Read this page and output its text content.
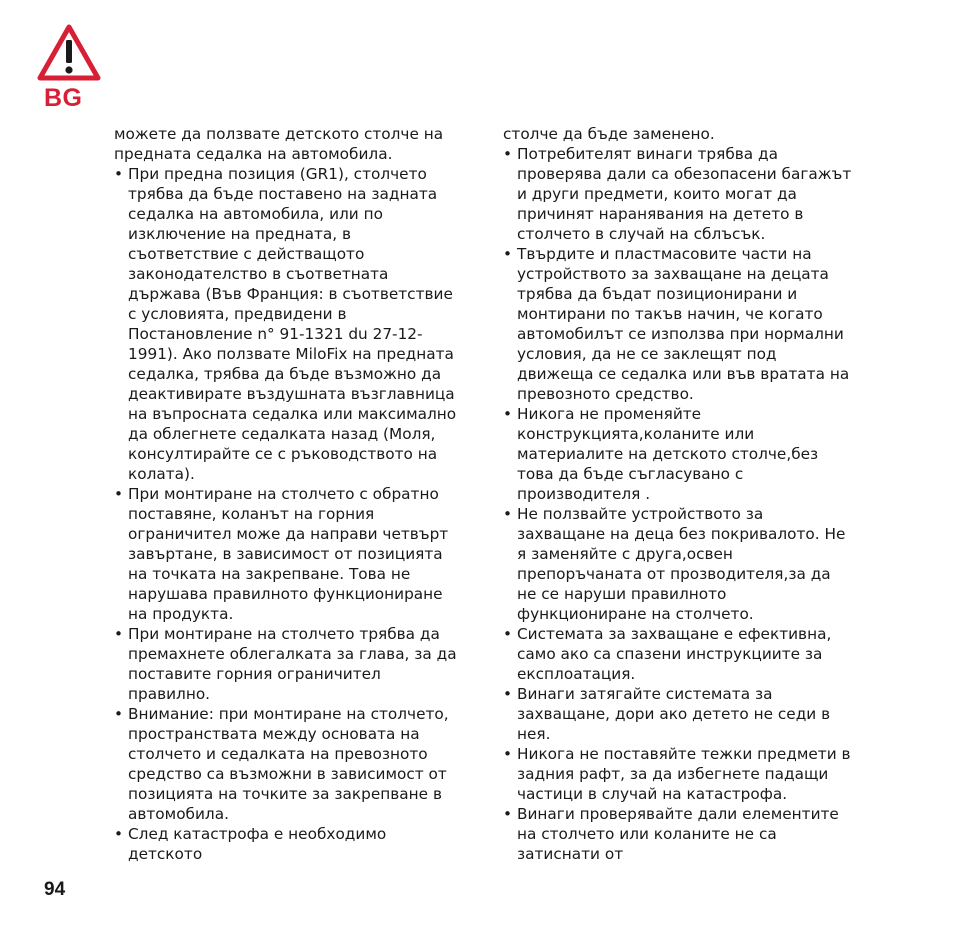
BG

можете да ползвате детското столче на предната седалка на автомобила.

• При предна позиция (GR1), столчето трябва да бъде поставено на задната седалка на автомобила, или по изключение на предната, в съответствие с действащото законодателство в съответната държава (Във Франция: в съответствие с условията, предвидени в Постановление n° 91-1321 du 27-12-1991). Ако ползвате MiloFix на предната седалка, трябва да бъде възможно да деактивирате въздушната възглавница на въпросната седалка или максимално да облегнете седалката назад (Моля, консултирайте се с ръководството на колата).
• При монтиране на столчето с обратно поставяне, коланът на горния ограничител може да направи четвърт завъртане, в зависимост от позицията на точката на закрепване. Това не нарушава правилното функциониране на продукта.
• При монтиране на столчето трябва да премахнете облегалката за глава, за да поставите горния ограничител правилно.
• Внимание: при монтиране на столчето, пространствата между основата на столчето и седалката на превозното средство са възможни в зависимост от позицията на точките за закрепване в автомобила.
• След катастрофа е необходимо детското

столче да бъде заменено.

• Потребителят винаги трябва да проверява дали са обезопасени багажът и други предмети, които могат да причинят наранявания на детето в столчето в случай на сблъсък.
• Твърдите и пластмасовите части на устройството за захващане на децата трябва да бъдат позиционирани и монтирани по такъв начин, че когато автомобилът се използва при нормални условия, да не се заклещят под движеща се седалка или във вратата на превозното средство.
• Никога не променяйте конструкцията,коланите или материалите на детското столче,без това да бъде съгласувано с производителя .
• Не ползвайте устройството за захващане на деца без покривалото. Не я заменяйте с друга,освен препоръчаната от прозводителя,за да не се наруши правилното функциониране на столчето.
• Системата за захващане е ефективна, само ако са спазени инструкциите за експлоатация.
• Винаги затягайте системата за захващане, дори ако детето не седи в нея.
• Никога не поставяйте тежки предмети в задния рафт, за да избегнете падащи частици в случай на катастрофа.
• Винаги проверявайте дали елементите на столчето или коланите не са затиснати от
94
